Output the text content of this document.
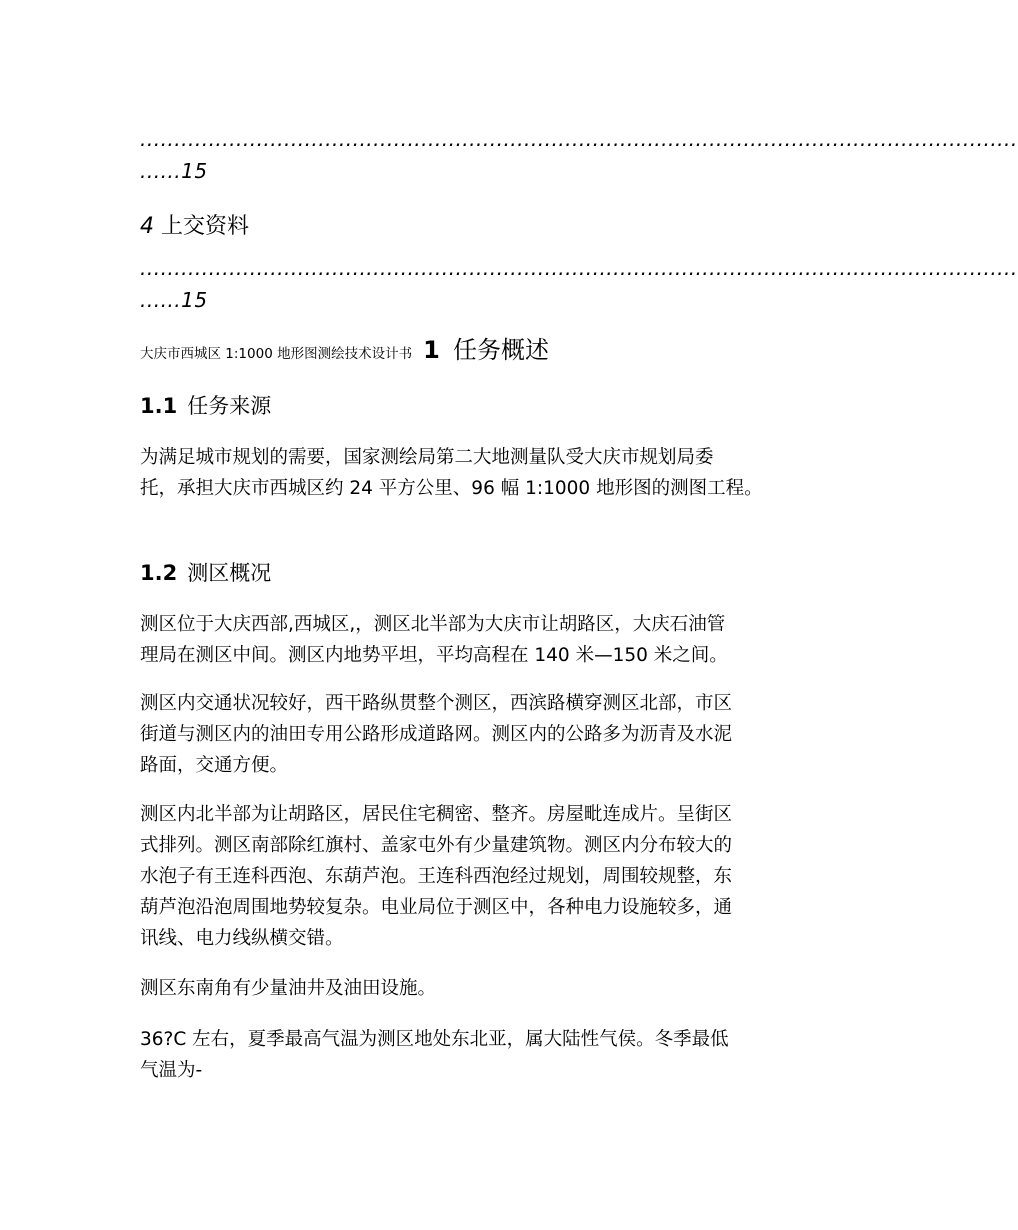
................................................................................................................................
......15
4 上交资料
................................................................................................................................
......15
大庆市西城区 1:1000 地形图测绘技术设计书 1 任务概述
1.1 任务来源
为满足城市规划的需要，国家测绘局第二大地测量队受大庆市规划局委
托，承担大庆市西城区约 24 平方公里、96 幅 1:1000 地形图的测图工程。
1.2 测区概况
测区位于大庆西部,西城区,，测区北半部为大庆市让胡路区，大庆石油管
理局在测区中间。测区内地势平坦，平均高程在 140 米—150 米之间。
测区内交通状况较好，西干路纵贯整个测区，西滨路横穿测区北部，市区
街道与测区内的油田专用公路形成道路网。测区内的公路多为沥青及水泥
路面，交通方便。
测区内北半部为让胡路区，居民住宅稠密、整齐。房屋毗连成片。呈街区
式排列。测区南部除红旗村、盖家屯外有少量建筑物。测区内分布较大的
水泡子有王连科西泡、东葫芦泡。王连科西泡经过规划，周围较规整，东
葫芦泡沿泡周围地势较复杂。电业局位于测区中，各种电力设施较多，通
讯线、电力线纵横交错。
测区东南角有少量油井及油田设施。
36?C 左右，夏季最高气温为测区地处东北亚，属大陆性气侯。冬季最低
气温为-
